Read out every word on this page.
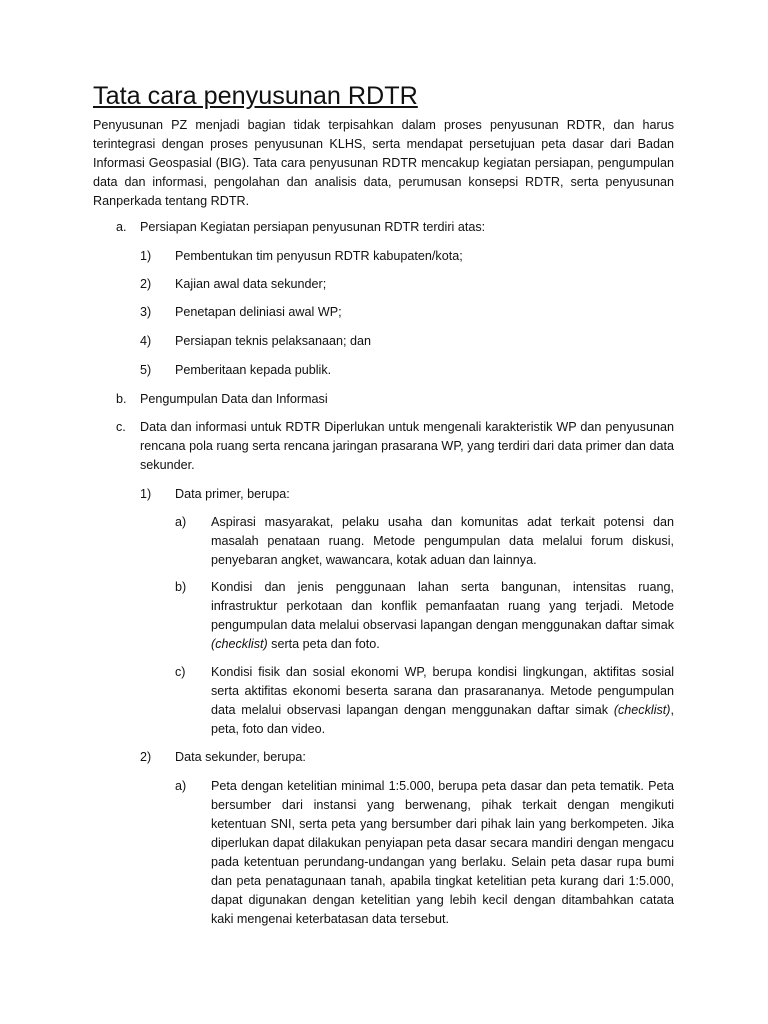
Tata cara penyusunan RDTR

Penyusunan PZ menjadi bagian tidak terpisahkan dalam proses penyusunan RDTR, dan harus terintegrasi dengan proses penyusunan KLHS, serta mendapat persetujuan peta dasar dari Badan Informasi Geospasial (BIG). Tata cara penyusunan RDTR mencakup kegiatan persiapan, pengumpulan data dan informasi, pengolahan dan analisis data, perumusan konsepsi RDTR, serta penyusunan Ranperkada tentang RDTR.

a. Persiapan Kegiatan persiapan penyusunan RDTR terdiri atas:
1) Pembentukan tim penyusun RDTR kabupaten/kota;
2) Kajian awal data sekunder;
3) Penetapan deliniasi awal WP;
4) Persiapan teknis pelaksanaan; dan
5) Pemberitaan kepada publik.
b. Pengumpulan Data dan Informasi
c. Data dan informasi untuk RDTR Diperlukan untuk mengenali karakteristik WP dan penyusunan rencana pola ruang serta rencana jaringan prasarana WP, yang terdiri dari data primer dan data sekunder.
1) Data primer, berupa:
a) Aspirasi masyarakat, pelaku usaha dan komunitas adat terkait potensi dan masalah penataan ruang. Metode pengumpulan data melalui forum diskusi, penyebaran angket, wawancara, kotak aduan dan lainnya.
b) Kondisi dan jenis penggunaan lahan serta bangunan, intensitas ruang, infrastruktur perkotaan dan konflik pemanfaatan ruang yang terjadi. Metode pengumpulan data melalui observasi lapangan dengan menggunakan daftar simak (checklist) serta peta dan foto.
c) Kondisi fisik dan sosial ekonomi WP, berupa kondisi lingkungan, aktifitas sosial serta aktifitas ekonomi beserta sarana dan prasarananya. Metode pengumpulan data melalui observasi lapangan dengan menggunakan daftar simak (checklist), peta, foto dan video.
2) Data sekunder, berupa:
a) Peta dengan ketelitian minimal 1:5.000, berupa peta dasar dan peta tematik. Peta bersumber dari instansi yang berwenang, pihak terkait dengan mengikuti ketentuan SNI, serta peta yang bersumber dari pihak lain yang berkompeten. Jika diperlukan dapat dilakukan penyiapan peta dasar secara mandiri dengan mengacu pada ketentuan perundang-undangan yang berlaku. Selain peta dasar rupa bumi dan peta penatagunaan tanah, apabila tingkat ketelitian peta kurang dari 1:5.000, dapat digunakan dengan ketelitian yang lebih kecil dengan ditambahkan catata kaki mengenai keterbatasan data tersebut.
